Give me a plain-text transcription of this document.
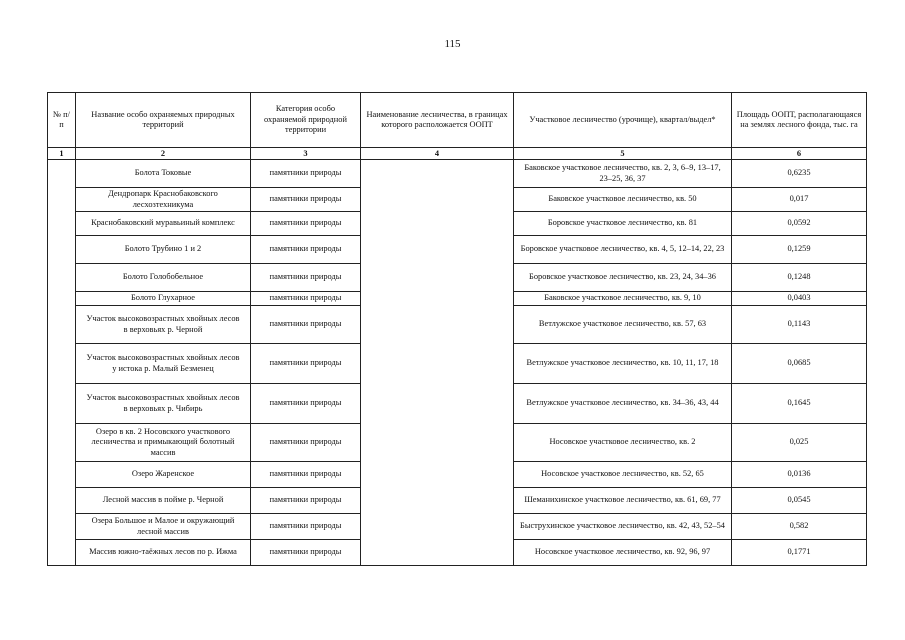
115
№ п/п	Название особо охраняемых природных территорий	Категория особо охраняемой природной территории	Наименование лесничества, в границах которого расположается ООПТ	Участковое лесничество (урочище), квартал/выдел*	Площадь ООПТ, располагающаяся на землях лесного фонда, тыс. га
1	2	3	4	5	6
	Болота Токовые	памятники природы		Баковское участковое лесничество, кв. 2, 3, 6–9, 13–17, 23–25, 36, 37	0,6235
	Дендропарк Краснобаковского лесхозтехникума	памятники природы		Баковское участковое лесничество, кв. 50	0,017
	Краснобаковский муравьиный комплекс	памятники природы		Боровское участковое лесничество, кв. 81	0,0592
	Болото Трубино 1 и 2	памятники природы		Боровское участковое лесничество, кв. 4, 5, 12–14, 22, 23	0,1259
	Болото Голобобельное	памятники природы		Боровское участковое лесничество, кв. 23, 24, 34–36	0,1248
	Болото Глухарное	памятники природы		Баковское участковое лесничество, кв. 9, 10	0,0403
	Участок высоковозрастных хвойных лесов в верховьях р. Черной	памятники природы		Ветлужское участковое лесничество, кв. 57, 63	0,1143
	Участок высоковозрастных хвойных лесов у истока р. Малый Безменец	памятники природы		Ветлужское участковое лесничество, кв. 10, 11, 17, 18	0,0685
	Участок высоковозрастных хвойных лесов в верховьях р. Чибирь	памятники природы		Ветлужское участковое лесничество, кв. 34–36, 43, 44	0,1645
	Озеро в кв. 2 Носовского участкового лесничества и примыкающий болотный массив	памятники природы		Носовское участковое лесничество, кв. 2	0,025
	Озеро Жаренское	памятники природы		Носовское участковое лесничество, кв. 52, 65	0,0136
	Лесной массив в пойме р. Черной	памятники природы		Шеманихинское участковое лесничество, кв. 61, 69, 77	0,0545
	Озера Большое и Малое и окружающий лесной массив	памятники природы		Быструхинское участковое лесничество, кв. 42, 43, 52–54	0,582
	Массив южно-таёжных лесов по р. Ижма	памятники природы		Носовское участковое лесничество, кв. 92, 96, 97	0,1771
